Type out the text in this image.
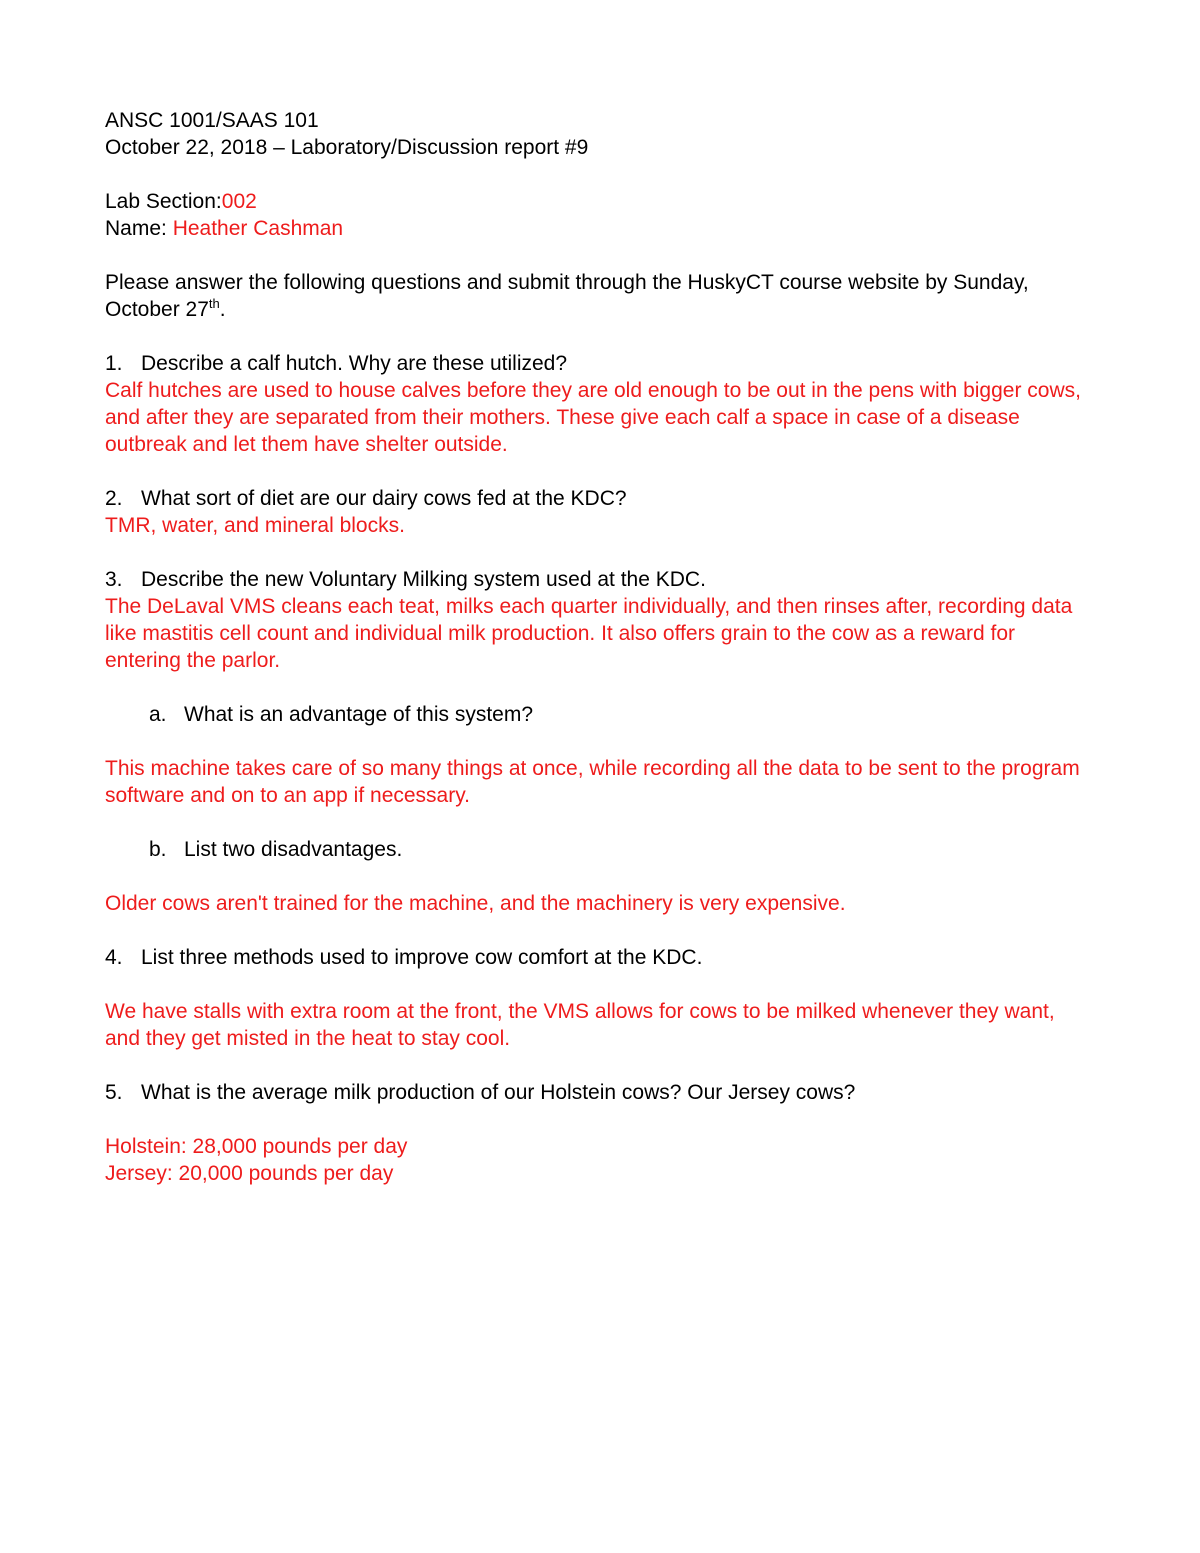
ANSC 1001/SAAS 101

October 22, 2018 – Laboratory/Discussion report #9

Lab Section:002

Name: Heather Cashman

Please answer the following questions and submit through the HuskyCT course website by Sunday, October 27th.

1. Describe a calf hutch. Why are these utilized?

Calf hutches are used to house calves before they are old enough to be out in the pens with bigger cows, and after they are separated from their mothers. These give each calf a space in case of a disease outbreak and let them have shelter outside.

2. What sort of diet are our dairy cows fed at the KDC?

TMR, water, and mineral blocks.

3. Describe the new Voluntary Milking system used at the KDC.

The DeLaval VMS cleans each teat, milks each quarter individually, and then rinses after, recording data like mastitis cell count and individual milk production. It also offers grain to the cow as a reward for entering the parlor.

a. What is an advantage of this system?

This machine takes care of so many things at once, while recording all the data to be sent to the program software and on to an app if necessary.

b. List two disadvantages.

Older cows aren't trained for the machine, and the machinery is very expensive.

4. List three methods used to improve cow comfort at the KDC.

We have stalls with extra room at the front, the VMS allows for cows to be milked whenever they want, and they get misted in the heat to stay cool.

5. What is the average milk production of our Holstein cows? Our Jersey cows?

Holstein: 28,000 pounds per day

Jersey: 20,000 pounds per day
